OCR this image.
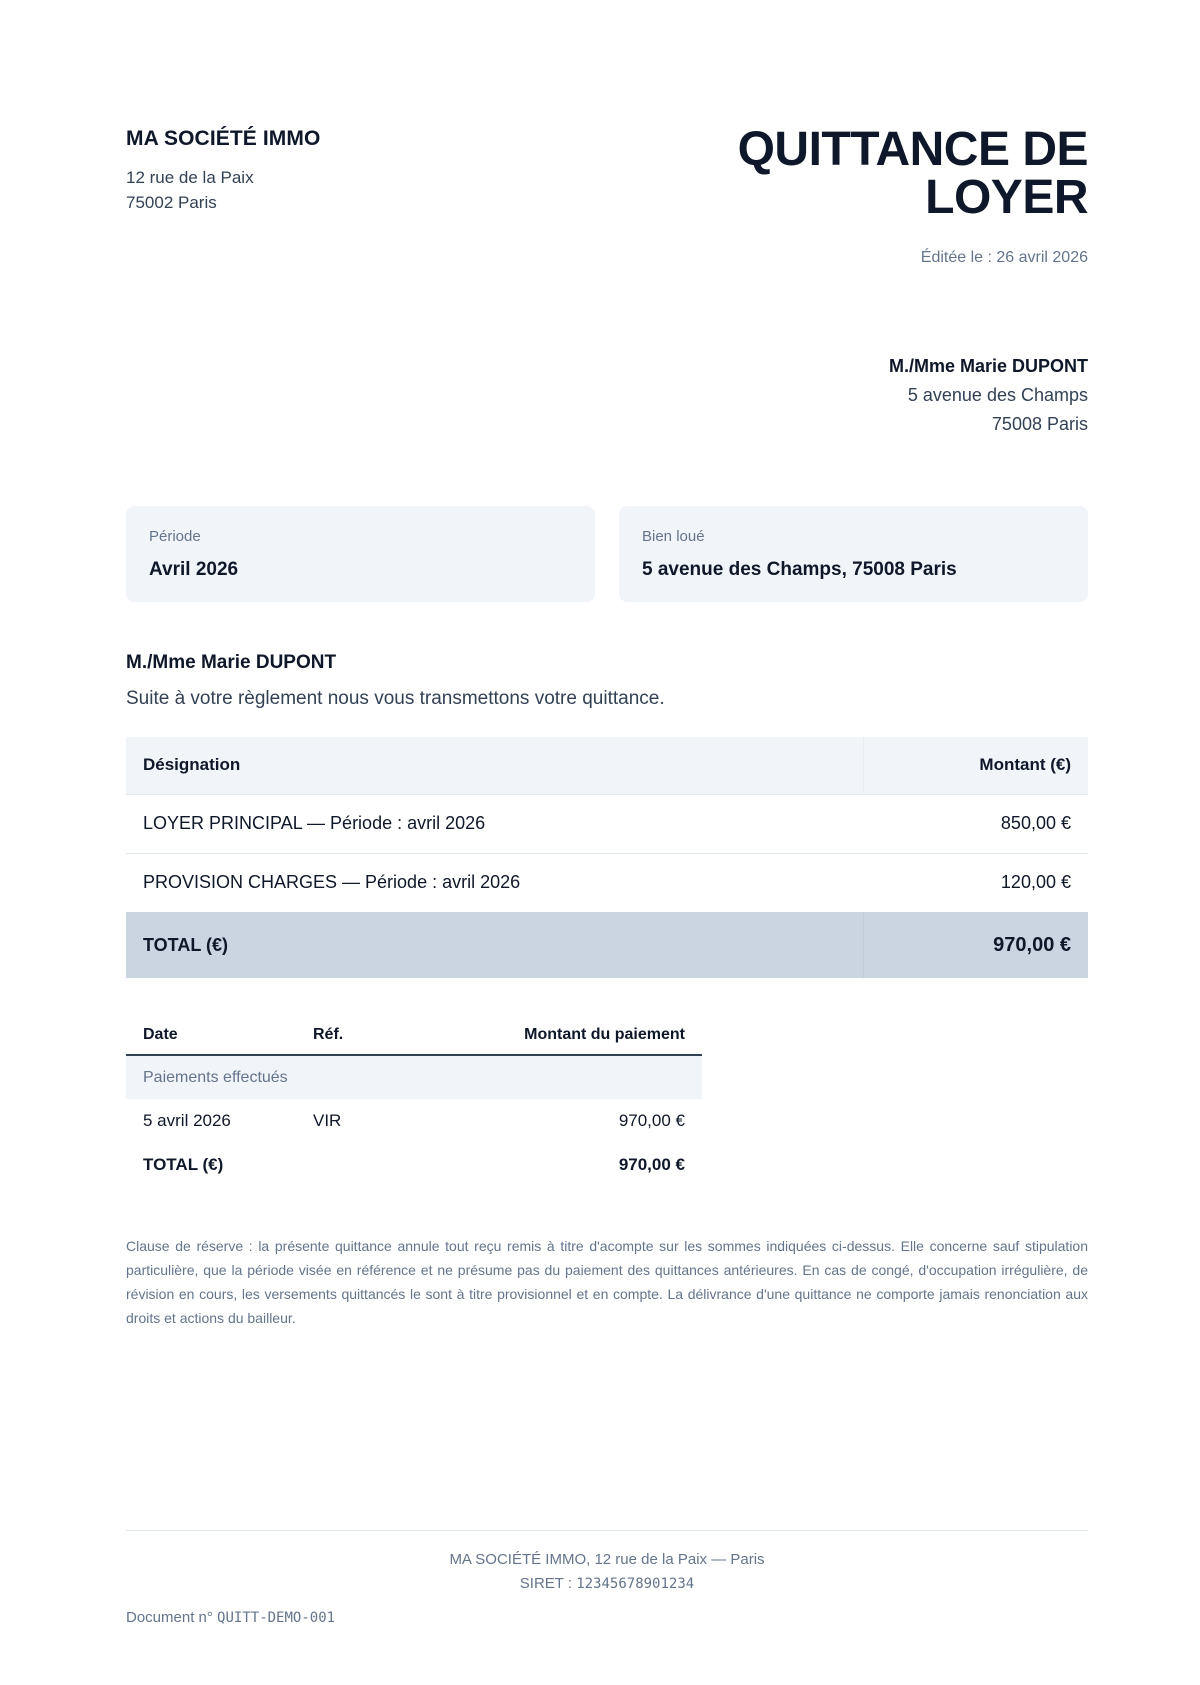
MA SOCIÉTÉ IMMO
12 rue de la Paix
75002 Paris
QUITTANCE DE
LOYER
Éditée le : 26 avril 2026
M./Mme Marie DUPONT
5 avenue des Champs
75008 Paris
Période
Avril 2026
Bien loué
5 avenue des Champs, 75008 Paris
M./Mme Marie DUPONT
Suite à votre règlement nous vous transmettons votre quittance.
Désignation	Montant (€)
LOYER PRINCIPAL — Période : avril 2026	850,00 €
PROVISION CHARGES — Période : avril 2026	120,00 €
TOTAL (€)	970,00 €
Date	Réf.	Montant du paiement
Paiements effectués		
5 avril 2026	VIR	970,00 €
TOTAL (€)		970,00 €
Clause de réserve : la présente quittance annule tout reçu remis à titre d'acompte sur les sommes indiquées ci-dessus. Elle concerne sauf stipulation particulière, que la période visée en référence et ne présume pas du paiement des quittances antérieures. En cas de congé, d'occupation irrégulière, de révision en cours, les versements quittancés le sont à titre provisionnel et en compte. La délivrance d'une quittance ne comporte jamais renonciation aux droits et actions du bailleur.
MA SOCIÉTÉ IMMO, 12 rue de la Paix — Paris
SIRET : 12345678901234
Document n° QUITT-DEMO-001
